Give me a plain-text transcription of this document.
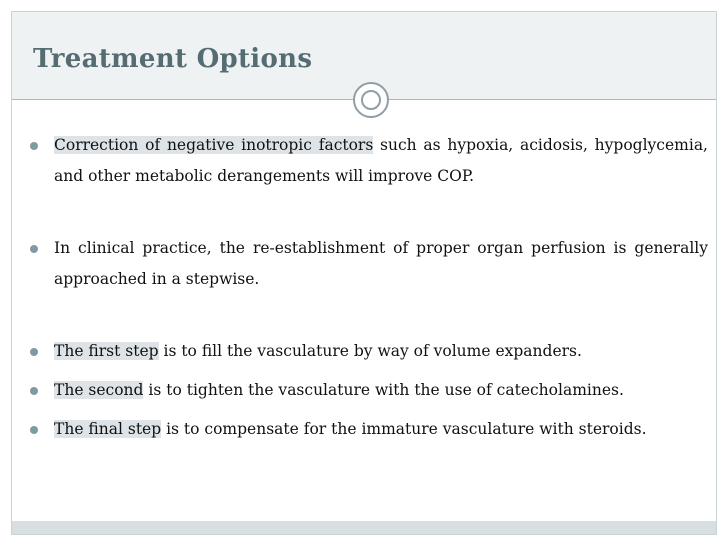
Treatment Options
Correction of negative inotropic factors such as hypoxia, acidosis, hypoglycemia, and other metabolic derangements will improve COP.
In clinical practice, the re-establishment of proper organ perfusion is generally approached in a stepwise.
The first step is to fill the vasculature by way of volume expanders.
The second is to tighten the vasculature with the use of catecholamines.
The final step is to compensate for the immature vasculature with steroids.
